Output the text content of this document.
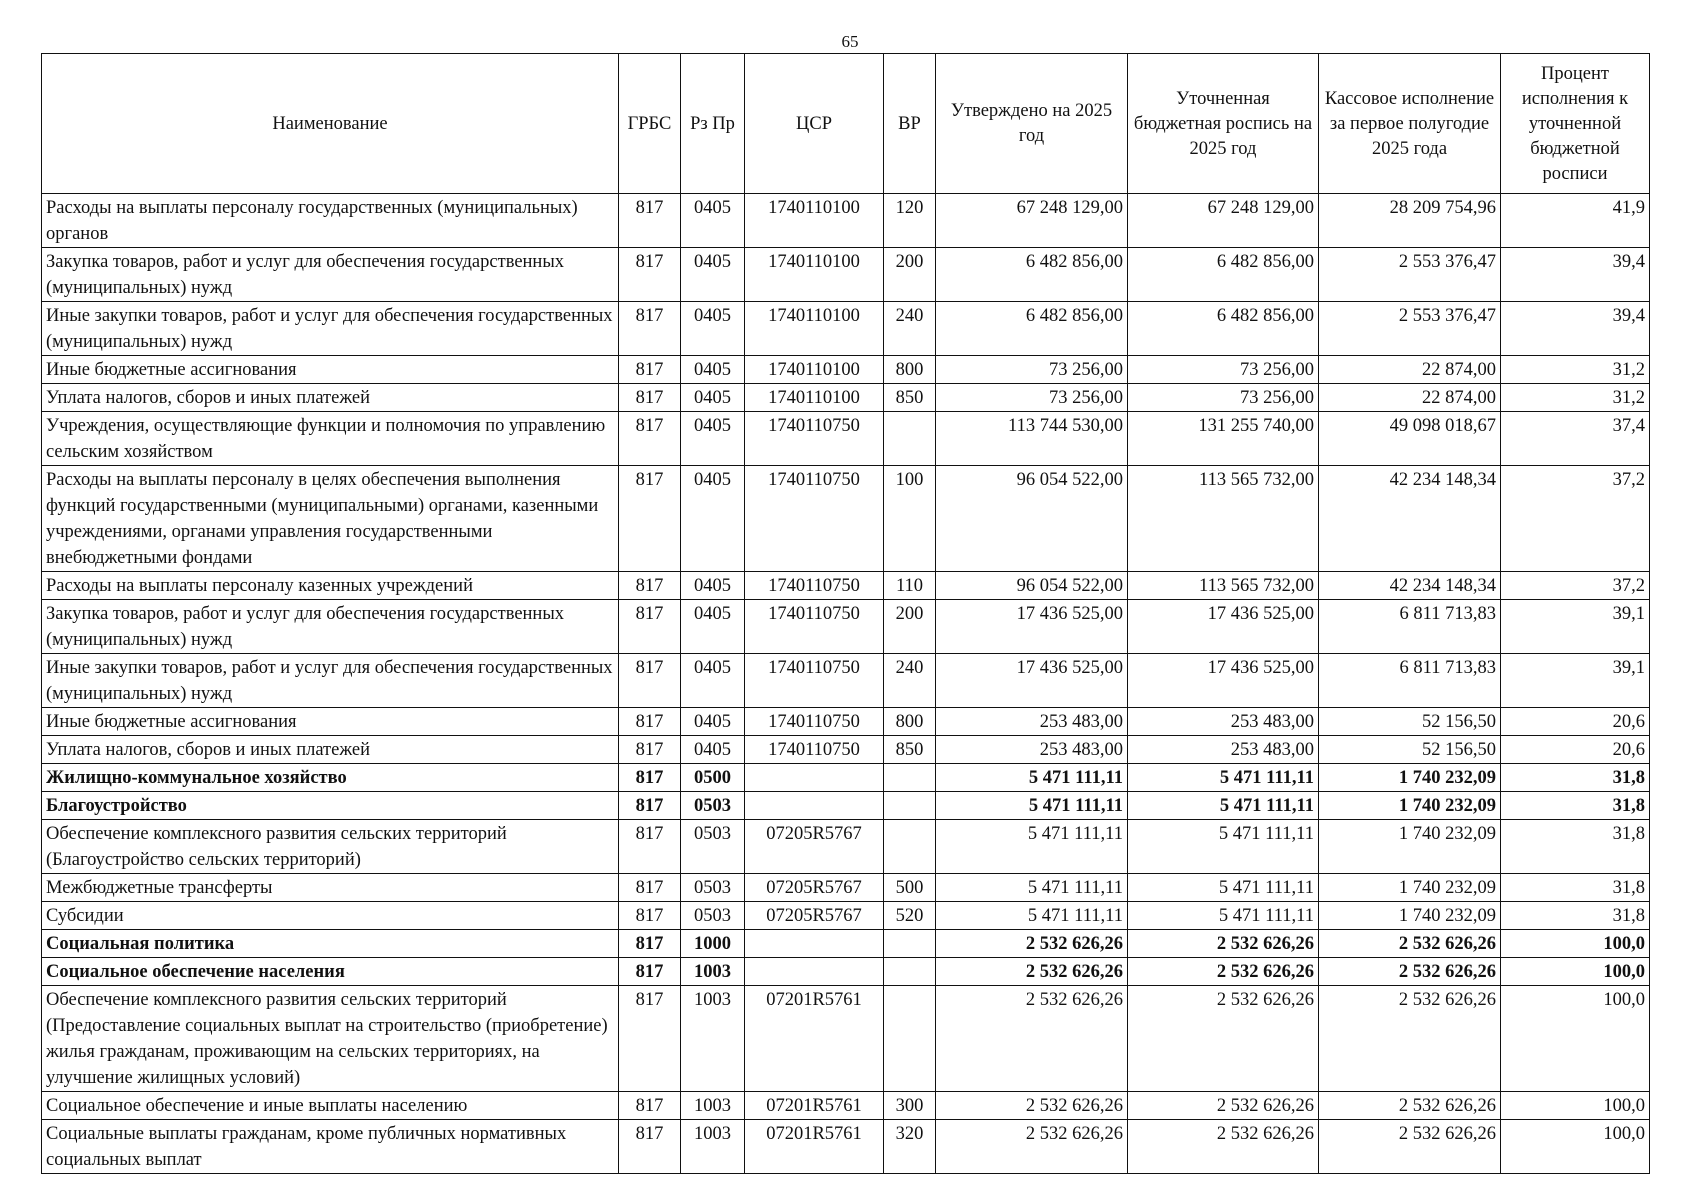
65
Наименование	ГРБС	Рз Пр	ЦСР	ВР	Утверждено на 2025 год	Уточненная бюджетная роспись на 2025 год	Кассовое исполнение за первое полугодие 2025 года	Процент исполнения к уточненной бюджетной росписи
Расходы на выплаты персоналу государственных (муниципальных) органов	817	0405	1740110100	120	67 248 129,00	67 248 129,00	28 209 754,96	41,9
Закупка товаров, работ и услуг для обеспечения государственных (муниципальных) нужд	817	0405	1740110100	200	6 482 856,00	6 482 856,00	2 553 376,47	39,4
Иные закупки товаров, работ и услуг для обеспечения государственных (муниципальных) нужд	817	0405	1740110100	240	6 482 856,00	6 482 856,00	2 553 376,47	39,4
Иные бюджетные ассигнования	817	0405	1740110100	800	73 256,00	73 256,00	22 874,00	31,2
Уплата налогов, сборов и иных платежей	817	0405	1740110100	850	73 256,00	73 256,00	22 874,00	31,2
Учреждения, осуществляющие функции и полномочия по управлению сельским хозяйством	817	0405	1740110750		113 744 530,00	131 255 740,00	49 098 018,67	37,4
Расходы на выплаты персоналу в целях обеспечения выполнения функций государственными (муниципальными) органами, казенными учреждениями, органами управления государственными внебюджетными фондами	817	0405	1740110750	100	96 054 522,00	113 565 732,00	42 234 148,34	37,2
Расходы на выплаты персоналу казенных учреждений	817	0405	1740110750	110	96 054 522,00	113 565 732,00	42 234 148,34	37,2
Закупка товаров, работ и услуг для обеспечения государственных (муниципальных) нужд	817	0405	1740110750	200	17 436 525,00	17 436 525,00	6 811 713,83	39,1
Иные закупки товаров, работ и услуг для обеспечения государственных (муниципальных) нужд	817	0405	1740110750	240	17 436 525,00	17 436 525,00	6 811 713,83	39,1
Иные бюджетные ассигнования	817	0405	1740110750	800	253 483,00	253 483,00	52 156,50	20,6
Уплата налогов, сборов и иных платежей	817	0405	1740110750	850	253 483,00	253 483,00	52 156,50	20,6
Жилищно-коммунальное хозяйство	817	0500			5 471 111,11	5 471 111,11	1 740 232,09	31,8
Благоустройство	817	0503			5 471 111,11	5 471 111,11	1 740 232,09	31,8
Обеспечение комплексного развития сельских территорий (Благоустройство сельских территорий)	817	0503	07205R5767		5 471 111,11	5 471 111,11	1 740 232,09	31,8
Межбюджетные трансферты	817	0503	07205R5767	500	5 471 111,11	5 471 111,11	1 740 232,09	31,8
Субсидии	817	0503	07205R5767	520	5 471 111,11	5 471 111,11	1 740 232,09	31,8
Социальная политика	817	1000			2 532 626,26	2 532 626,26	2 532 626,26	100,0
Социальное обеспечение населения	817	1003			2 532 626,26	2 532 626,26	2 532 626,26	100,0
Обеспечение комплексного развития сельских территорий (Предоставление социальных выплат на строительство (приобретение) жилья гражданам, проживающим на сельских территориях, на улучшение жилищных условий)	817	1003	07201R5761		2 532 626,26	2 532 626,26	2 532 626,26	100,0
Социальное обеспечение и иные выплаты населению	817	1003	07201R5761	300	2 532 626,26	2 532 626,26	2 532 626,26	100,0
Социальные выплаты гражданам, кроме публичных нормативных социальных выплат	817	1003	07201R5761	320	2 532 626,26	2 532 626,26	2 532 626,26	100,0
